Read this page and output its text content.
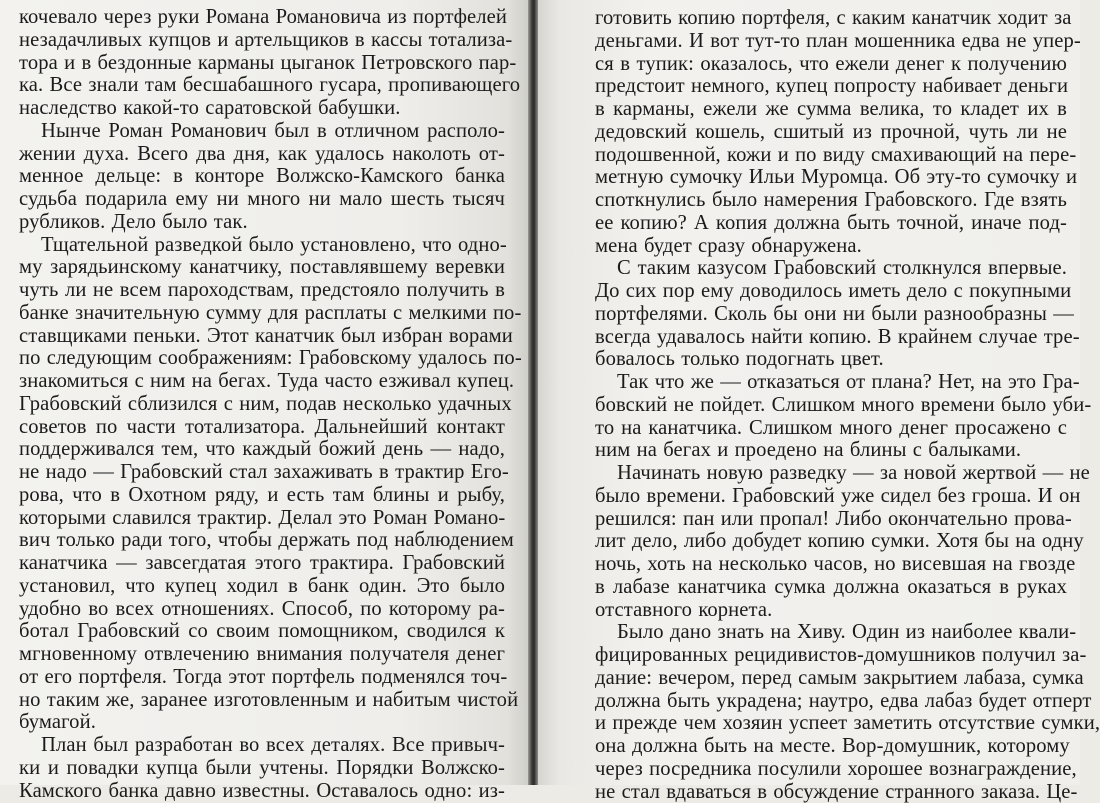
кочевало через руки Романа Романовича из портфелей
незадачливых купцов и артельщиков в кассы тотализа-
тора и в бездонные карманы цыганок Петровского пар-
ка. Все знали там бесшабашного гусара, пропивающего
наследство какой-то саратовской бабушки.
Нынче Роман Романович был в отличном располо-
жении духа. Всего два дня, как удалось наколоть от-
менное дельце: в конторе Волжско-Камского банка
судьба подарила ему ни много ни мало шесть тысяч
рубликов. Дело было так.
Тщательной разведкой было установлено, что одно-
му зарядьинскому канатчику, поставлявшему веревки
чуть ли не всем пароходствам, предстояло получить в
банке значительную сумму для расплаты с мелкими по-
ставщиками пеньки. Этот канатчик был избран ворами
по следующим соображениям: Грабовскому удалось по-
знакомиться с ним на бегах. Туда часто езживал купец.
Грабовский сблизился с ним, подав несколько удачных
советов по части тотализатора. Дальнейший контакт
поддерживался тем, что каждый божий день — надо,
не надо — Грабовский стал захаживать в трактир Его-
рова, что в Охотном ряду, и есть там блины и рыбу,
которыми славился трактир. Делал это Роман Романо-
вич только ради того, чтобы держать под наблюдением
канатчика — завсегдатая этого трактира. Грабовский
установил, что купец ходил в банк один. Это было
удобно во всех отношениях. Способ, по которому ра-
ботал Грабовский со своим помощником, сводился к
мгновенному отвлечению внимания получателя денег
от его портфеля. Тогда этот портфель подменялся точ-
но таким же, заранее изготовленным и набитым чистой
бумагой.
План был разработан во всех деталях. Все привыч-
ки и повадки купца были учтены. Порядки Волжско-
Камского банка давно известны. Оставалось одно: из-
готовить копию портфеля, с каким канатчик ходит за
деньгами. И вот тут-то план мошенника едва не упер-
ся в тупик: оказалось, что ежели денег к получению
предстоит немного, купец попросту набивает деньги
в карманы, ежели же сумма велика, то кладет их в
дедовский кошель, сшитый из прочной, чуть ли не
подошвенной, кожи и по виду смахивающий на пере-
метную сумочку Ильи Муромца. Об эту-то сумочку и
споткнулись было намерения Грабовского. Где взять
ее копию? А копия должна быть точной, иначе под-
мена будет сразу обнаружена.
С таким казусом Грабовский столкнулся впервые.
До сих пор ему доводилось иметь дело с покупными
портфелями. Сколь бы они ни были разнообразны —
всегда удавалось найти копию. В крайнем случае тре-
бовалось только подогнать цвет.
Так что же — отказаться от плана? Нет, на это Гра-
бовский не пойдет. Слишком много времени было уби-
то на канатчика. Слишком много денег просажено с
ним на бегах и проедено на блины с балыками.
Начинать новую разведку — за новой жертвой — не
было времени. Грабовский уже сидел без гроша. И он
решился: пан или пропал! Либо окончательно прова-
лит дело, либо добудет копию сумки. Хотя бы на одну
ночь, хоть на несколько часов, но висевшая на гвозде
в лабазе канатчика сумка должна оказаться в руках
отставного корнета.
Было дано знать на Хиву. Один из наиболее квали-
фицированных рецидивистов-домушников получил за-
дание: вечером, перед самым закрытием лабаза, сумка
должна быть украдена; наутро, едва лабаз будет отперт
и прежде чем хозяин успеет заметить отсутствие сумки,
она должна быть на месте. Вор-домушник, которому
через посредника посулили хорошее вознаграждение,
не стал вдаваться в обсуждение странного заказа. Це-
